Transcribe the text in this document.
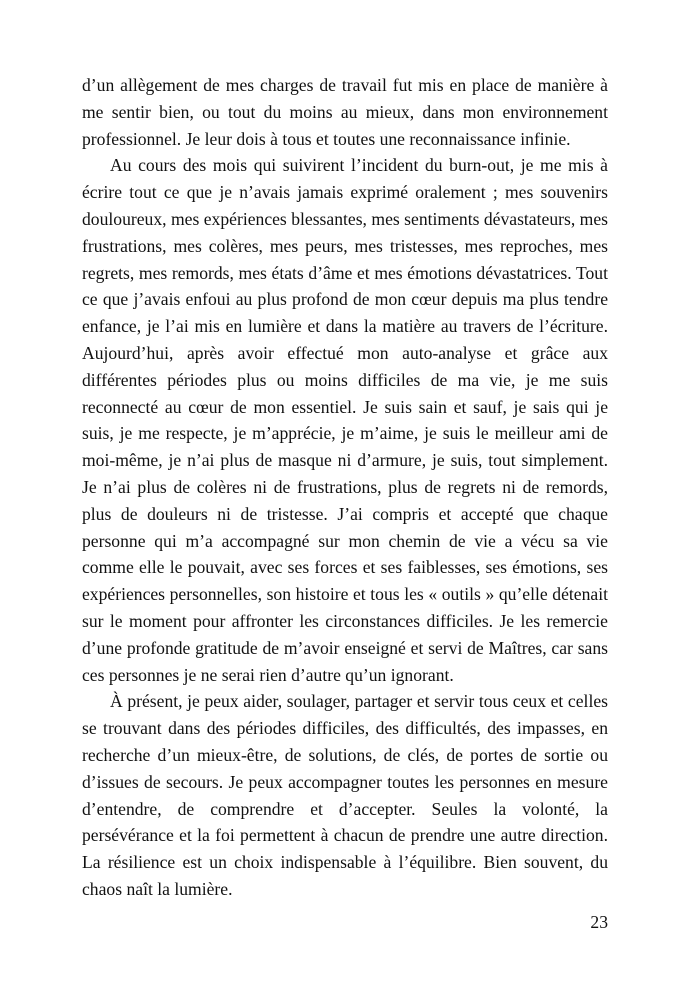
d’un allègement de mes charges de travail fut mis en place de manière à me sentir bien, ou tout du moins au mieux, dans mon environnement professionnel. Je leur dois à tous et toutes une reconnaissance infinie.

Au cours des mois qui suivirent l’incident du burn-out, je me mis à écrire tout ce que je n’avais jamais exprimé oralement ; mes souvenirs douloureux, mes expériences blessantes, mes sentiments dévastateurs, mes frustrations, mes colères, mes peurs, mes tristesses, mes reproches, mes regrets, mes remords, mes états d’âme et mes émotions dévastatrices. Tout ce que j’avais enfoui au plus profond de mon cœur depuis ma plus tendre enfance, je l’ai mis en lumière et dans la matière au travers de l’écriture. Aujourd’hui, après avoir effectué mon auto-analyse et grâce aux différentes périodes plus ou moins difficiles de ma vie, je me suis reconnecté au cœur de mon essentiel. Je suis sain et sauf, je sais qui je suis, je me respecte, je m’apprécie, je m’aime, je suis le meilleur ami de moi-même, je n’ai plus de masque ni d’armure, je suis, tout simplement. Je n’ai plus de colères ni de frustrations, plus de regrets ni de remords, plus de douleurs ni de tristesse. J’ai compris et accepté que chaque personne qui m’a accompagné sur mon chemin de vie a vécu sa vie comme elle le pouvait, avec ses forces et ses faiblesses, ses émotions, ses expériences personnelles, son histoire et tous les « outils » qu’elle détenait sur le moment pour affronter les circonstances difficiles. Je les remercie d’une profonde gratitude de m’avoir enseigné et servi de Maîtres, car sans ces personnes je ne serai rien d’autre qu’un ignorant.

À présent, je peux aider, soulager, partager et servir tous ceux et celles se trouvant dans des périodes difficiles, des difficultés, des impasses, en recherche d’un mieux-être, de solutions, de clés, de portes de sortie ou d’issues de secours. Je peux accompagner toutes les personnes en mesure d’entendre, de comprendre et d’accepter. Seules la volonté, la persévérance et la foi permettent à chacun de prendre une autre direction. La résilience est un choix indispensable à l’équilibre. Bien souvent, du chaos naît la lumière.

23
